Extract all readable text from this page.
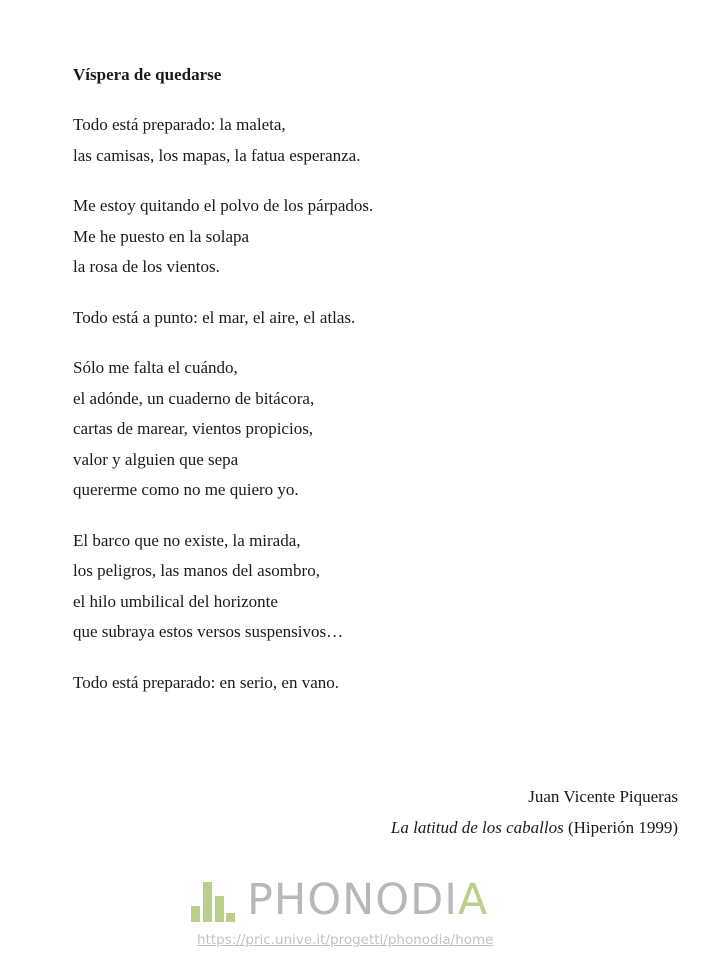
Víspera de quedarse
Todo está preparado: la maleta,
las camisas, los mapas, la fatua esperanza.
Me estoy quitando el polvo de los párpados.
Me he puesto en la solapa
la rosa de los vientos.
Todo está a punto: el mar, el aire, el atlas.
Sólo me falta el cuándo,
el adónde, un cuaderno de bitácora,
cartas de marear, vientos propicios,
valor y alguien que sepa
quererme como no me quiero yo.
El barco que no existe, la mirada,
los peligros, las manos del asombro,
el hilo umbilical del horizonte
que subraya estos versos suspensivos…
Todo está preparado: en serio, en vano.
Juan Vicente Piqueras
La latitud de los caballos (Hiperión 1999)
PHONODIA
https://pric.unive.it/progetti/phonodia/home
